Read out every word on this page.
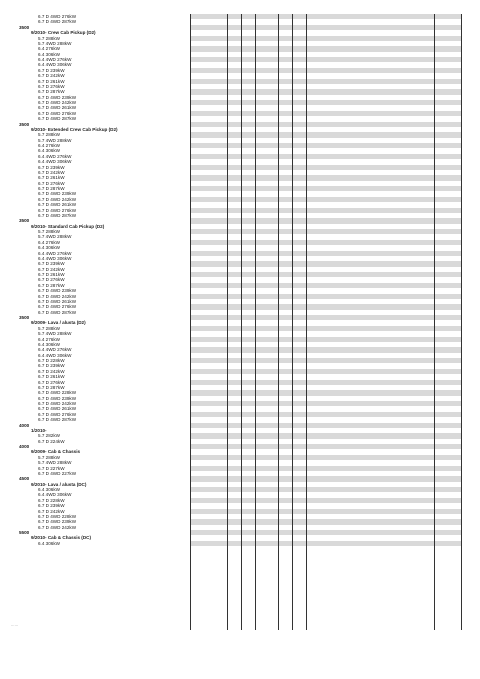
6.7 D 4WD 276kW
6.7 D 4WD 287kW
3500
9/2010- Crew Cab Pickup (D2)
5.7 288kW
5.7 4WD 288kW
6.4 276kW
6.4 306kW
6.4 4WD 276kW
6.4 4WD 306kW
6.7 D 239kW
6.7 D 242kW
6.7 D 261kW
6.7 D 276kW
6.7 D 287kW
6.7 D 4WD 239kW
6.7 D 4WD 242kW
6.7 D 4WD 261kW
6.7 D 4WD 276kW
6.7 D 4WD 287kW
3500
9/2010- Extended Crew Cab Pickup (D2)
5.7 288kW
5.7 4WD 288kW
6.4 276kW
6.4 306kW
6.4 4WD 276kW
6.4 4WD 306kW
6.7 D 239kW
6.7 D 242kW
6.7 D 261kW
6.7 D 276kW
6.7 D 287kW
6.7 D 4WD 239kW
6.7 D 4WD 242kW
6.7 D 4WD 261kW
6.7 D 4WD 276kW
6.7 D 4WD 287kW
3500
9/2010- Standard Cab Pickup (D2)
5.7 288kW
5.7 4WD 288kW
6.4 276kW
6.4 306kW
6.4 4WD 276kW
6.4 4WD 306kW
6.7 D 239kW
6.7 D 242kW
6.7 D 261kW
6.7 D 276kW
6.7 D 287kW
6.7 D 4WD 239kW
6.7 D 4WD 242kW
6.7 D 4WD 261kW
6.7 D 4WD 276kW
6.7 D 4WD 287kW
3500
9/2009- Lava / alusta (D2)
5.7 288kW
5.7 4WD 288kW
6.4 276kW
6.4 306kW
6.4 4WD 276kW
6.4 4WD 306kW
6.7 D 228kW
6.7 D 239kW
6.7 D 242kW
6.7 D 261kW
6.7 D 276kW
6.7 D 287kW
6.7 D 4WD 228kW
6.7 D 4WD 239kW
6.7 D 4WD 242kW
6.7 D 4WD 261kW
6.7 D 4WD 276kW
6.7 D 4WD 287kW
4000
1/2010-
5.7 282kW
6.7 D 224kW
4000
9/2009- Cab & Chassis
5.7 288kW
5.7 4WD 288kW
6.7 D 227kW
6.7 D 4WD 227kW
4500
9/2010- Lava / alusta (DC)
6.4 306kW
6.4 4WD 306kW
6.7 D 228kW
6.7 D 239kW
6.7 D 242kW
6.7 D 4WD 228kW
6.7 D 4WD 239kW
6.7 D 4WD 242kW
5500
9/2010- Cab & Chassis (DC)
6.4 306kW
⋯⋯
